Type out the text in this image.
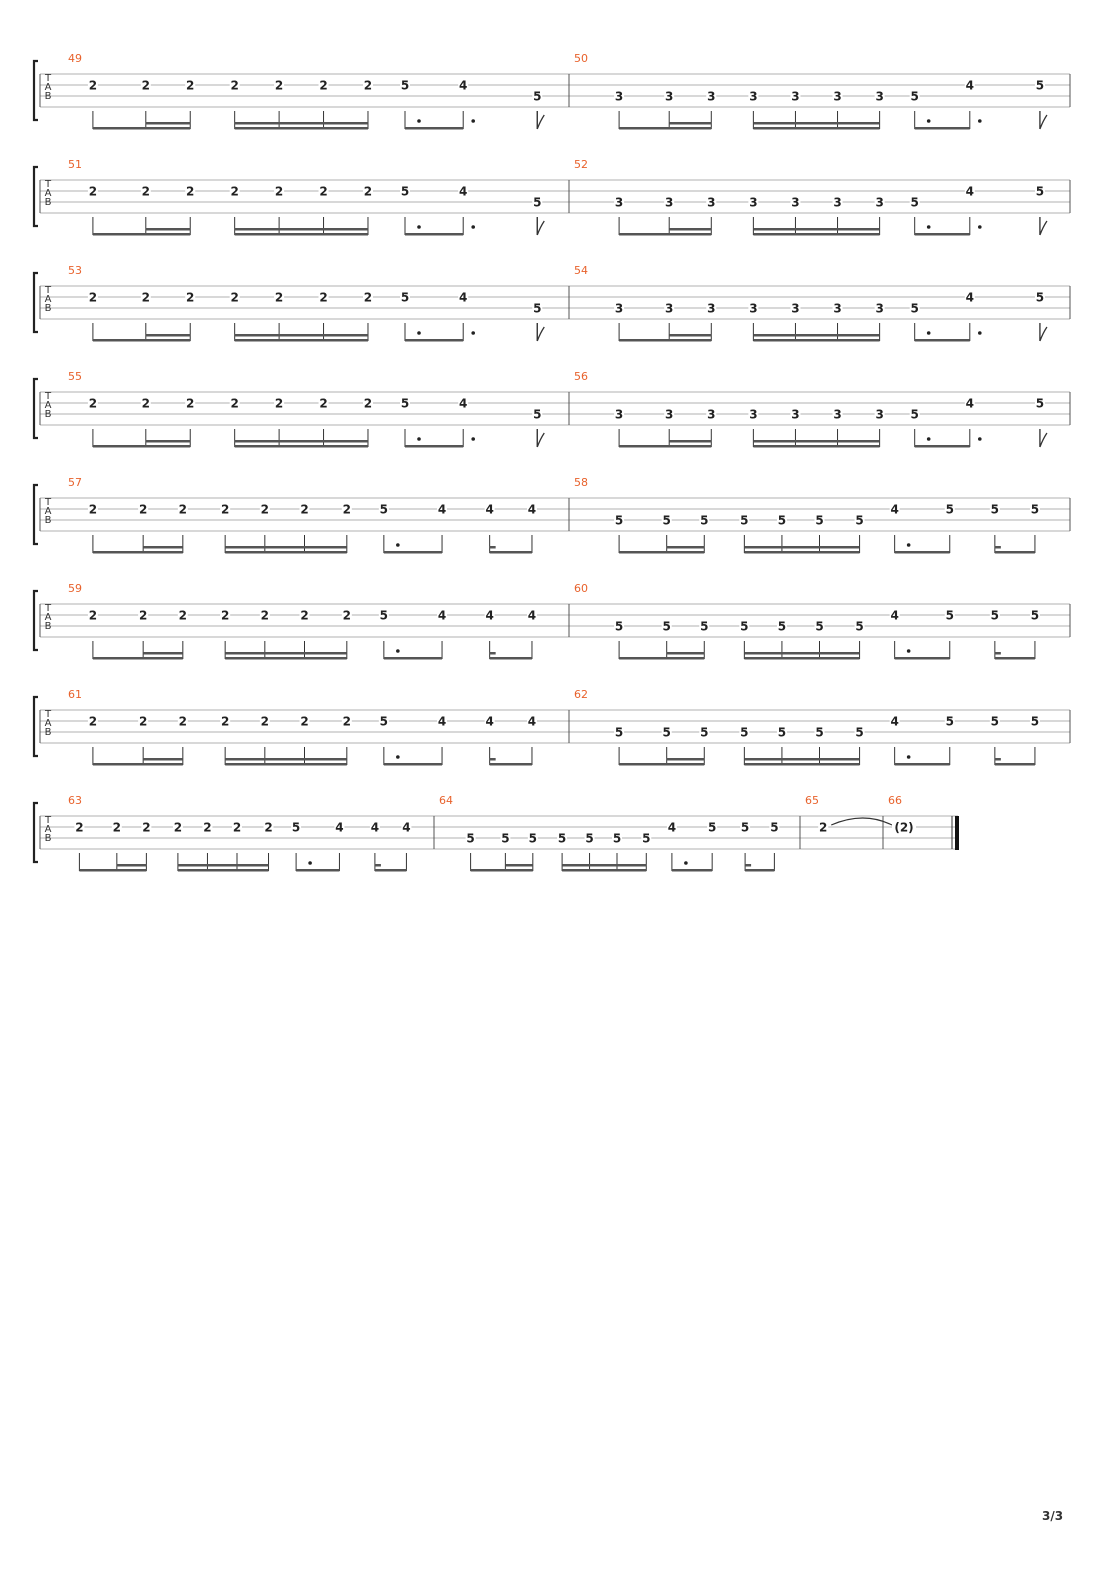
T
A
B
49
2	2	2	2	2	2	2 5	4
5
50
3	3	3	3	3	3	3 5
4	5
T
A
B
51
2	2	2	2	2	2	2 5	4
5
52
3	3	3	3	3	3	3 5
4	5
T
A
B
53
2	2	2	2	2	2	2 5	4
5
54
3	3	3	3	3	3	3 5
4	5
T
A
B
55
2	2	2	2	2	2	2 5	4
5
56
3	3	3	3	3	3	3 5
4	5
T
A
B
57
2	2	2	2	2	2	2 5	4	4	4
58
5	5 5	5 5 5	5
4	5	5	5
T
A
B
59
2	2	2	2	2	2	2 5	4	4	4
60
5	5 5	5 5 5	5
4	5	5	5
T
A
B
61
2	2	2	2	2	2	2 5	4	4	4
62
5	5 5	5 5 5	5
4	5	5	5
T
A
B
63
2 2 2 2 2 2 2 5	4 4 4
64
5 5 5 5 5 5 5
4	5 5 5
65
2
66
(2)
3/3
